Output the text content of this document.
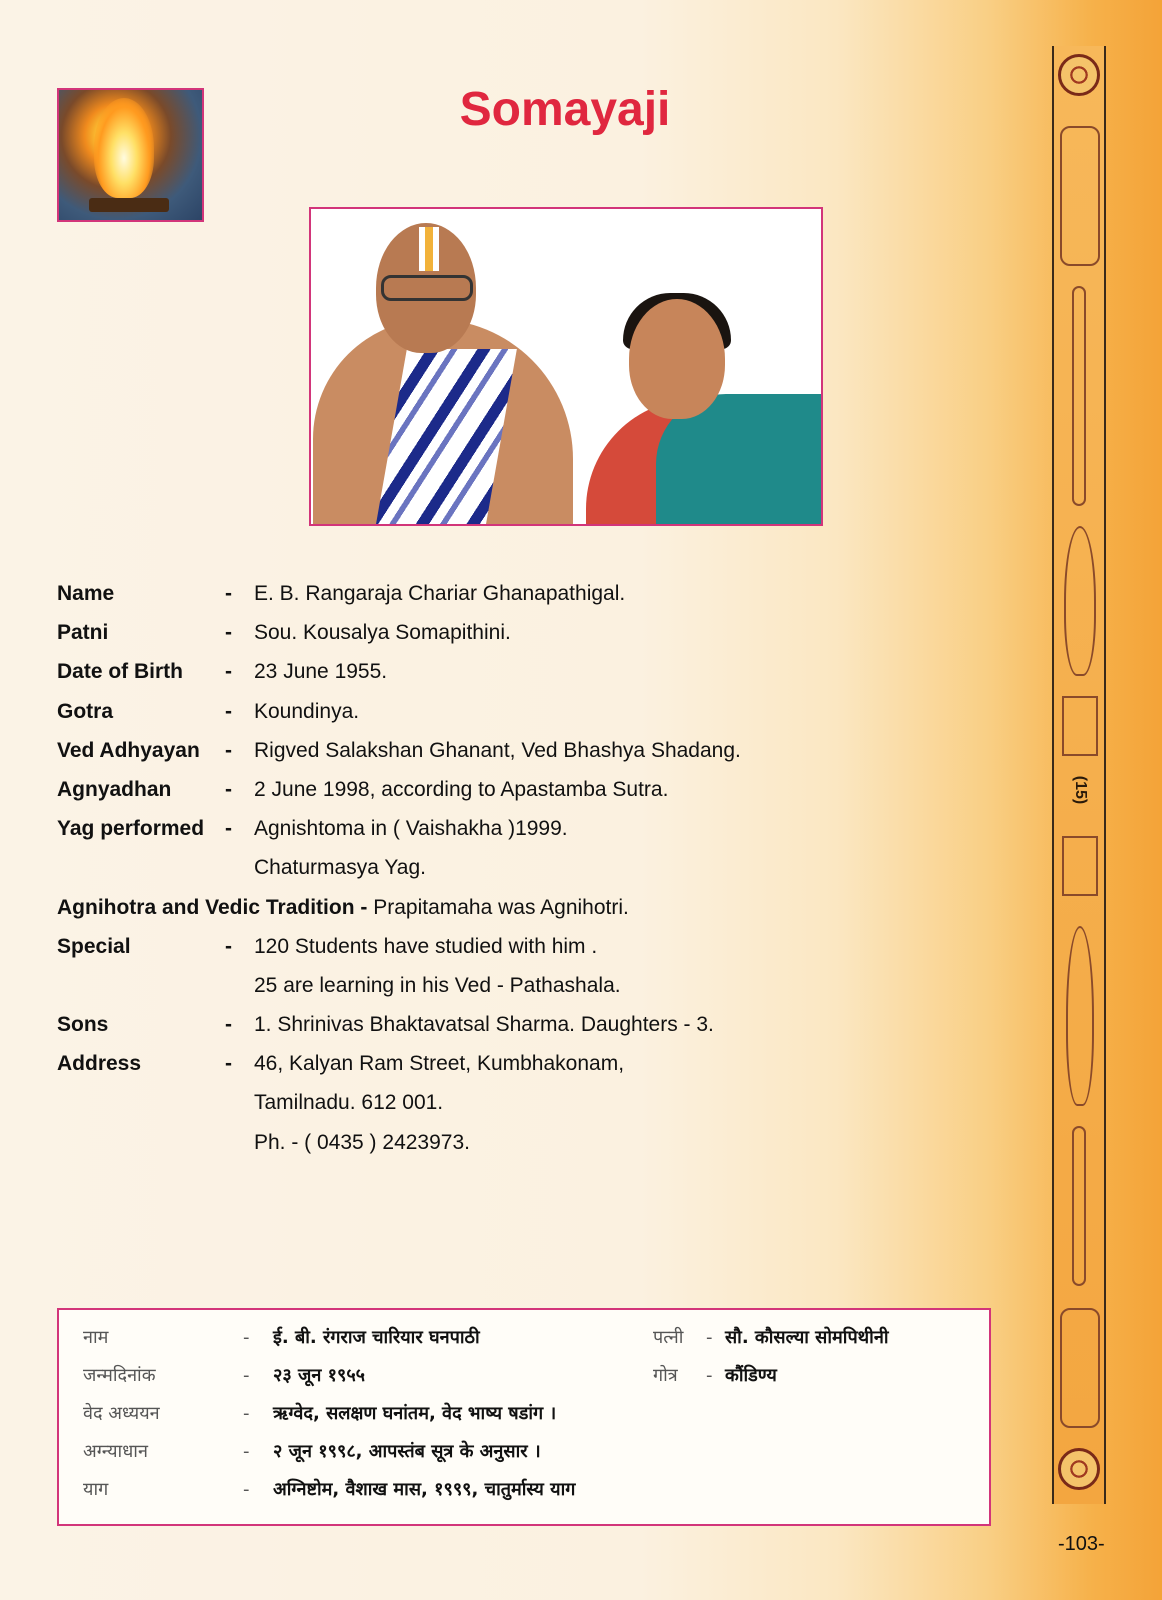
Somayaji
Name	- E. B. Rangaraja Chariar Ghanapathigal.
Patni	- Sou. Kousalya Somapithini.
Date of Birth - 23 June 1955.
Gotra	- Koundinya.
Ved Adhyayan - Rigved Salakshan Ghanant, Ved Bhashya Shadang.
Agnyadhan	- 2 June 1998, according to Apastamba Sutra.
Yag performed - Agnishtoma in ( Vaishakha )1999.
Chaturmasya Yag.
Agnihotra and Vedic Tradition - Prapitamaha was Agnihotri.
Special	- 120 Students have studied with him .
25 are learning in his Ved - Pathashala.
Sons	- 1. Shrinivas Bhaktavatsal Sharma. Daughters - 3.
Address	- 46, Kalyan Ram Street, Kumbhakonam,
Tamilnadu. 612 001.
Ph. - ( 0435 ) 2423973.
नाम	- ई. बी. रंगराज चारियार घनपाठी	पत्नी - सौ. कौसल्या सोमपिथीनी
जन्मदिनांक	- २३ जून १९५५	गोत्र - कौंडिण्य
वेद अध्ययन	- ऋग्वेद, सलक्षण घनांतम, वेद भाष्य षडांग ।
अग्न्याधान	- २ जून १९९८, आपस्तंब सूत्र के अनुसार ।
याग	- अग्निष्टोम, वैशाख मास, १९९९, चातुर्मास्य याग
(15)
-103-
